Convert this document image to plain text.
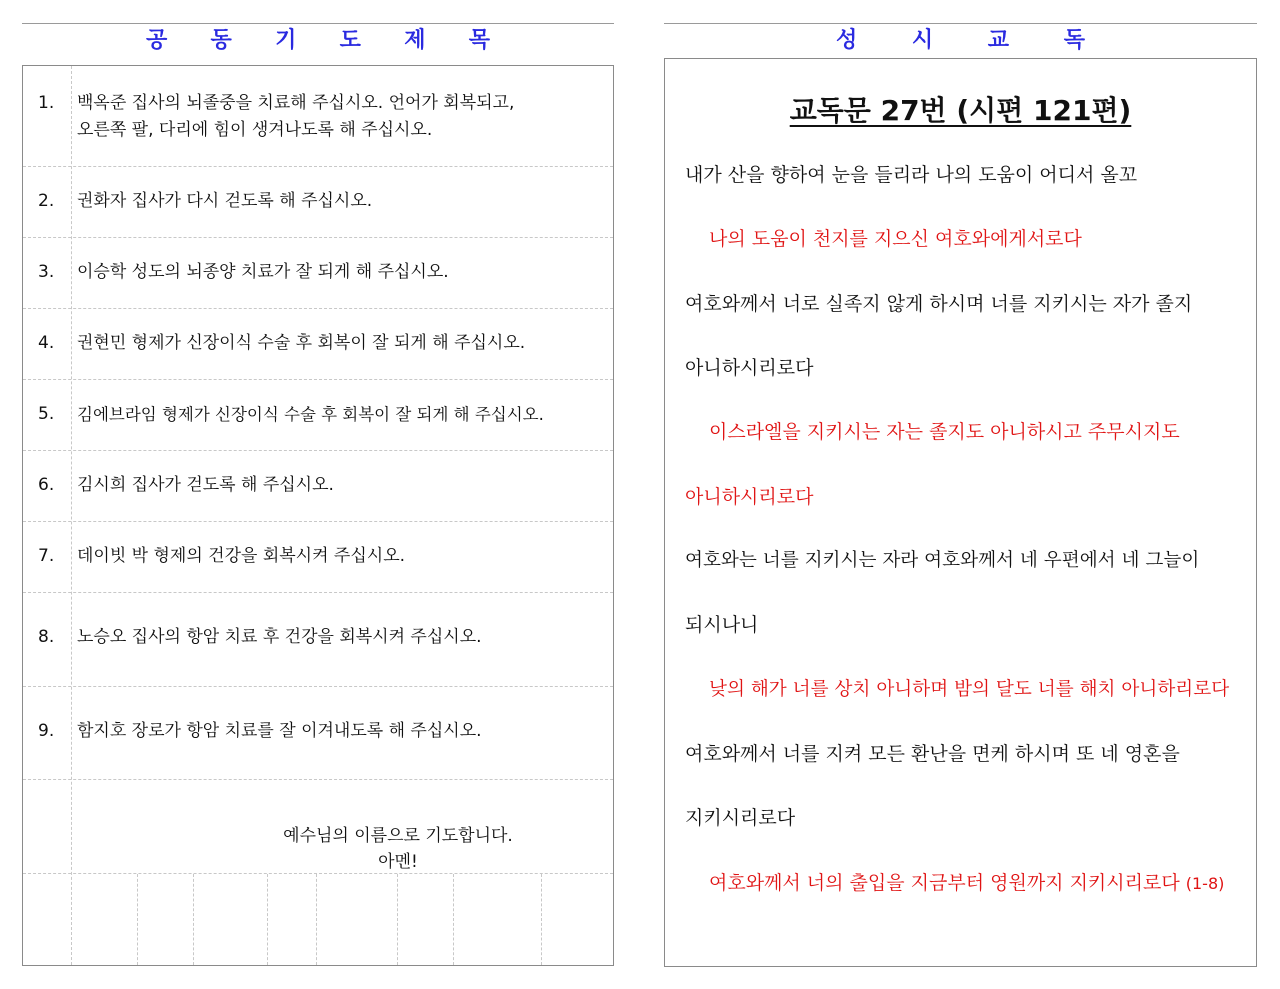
공  동  기  도  제  목
1. 백옥준 집사의 뇌졸중을 치료해 주십시오. 언어가 회복되고,
오른쪽 팔, 다리에 힘이 생겨나도록 해 주십시오.
2. 권화자 집사가 다시 걷도록 해 주십시오.
3. 이승학 성도의 뇌종양 치료가 잘 되게 해 주십시오.
4. 권현민 형제가 신장이식 수술 후 회복이 잘 되게 해 주십시오.
5. 김에브라임 형제가 신장이식 수술 후 회복이 잘 되게 해 주십시오.
6. 김시희 집사가 걷도록 해 주십시오.
7. 데이빗 박 형제의 건강을 회복시켜 주십시오.
8. 노승오 집사의 항암 치료 후 건강을 회복시켜 주십시오.
9. 함지호 장로가 항암 치료를 잘 이겨내도록 해 주십시오.
예수님의 이름으로 기도합니다.
아멘!
성    시    교    독
교독문 27번 (시편 121편)
내가 산을 향하여 눈을 들리라 나의 도움이 어디서 올꼬
나의 도움이 천지를 지으신 여호와에게서로다
여호와께서 너로 실족지 않게 하시며 너를 지키시는 자가 졸지
아니하시리로다
이스라엘을 지키시는 자는 졸지도 아니하시고 주무시지도
아니하시리로다
여호와는 너를 지키시는 자라 여호와께서 네 우편에서 네 그늘이
되시나니
낮의 해가 너를 상치 아니하며 밤의 달도 너를 해치 아니하리로다
여호와께서 너를 지켜 모든 환난을 면케 하시며 또 네 영혼을
지키시리로다
여호와께서 너의 출입을 지금부터 영원까지 지키시리로다 (1-8)
